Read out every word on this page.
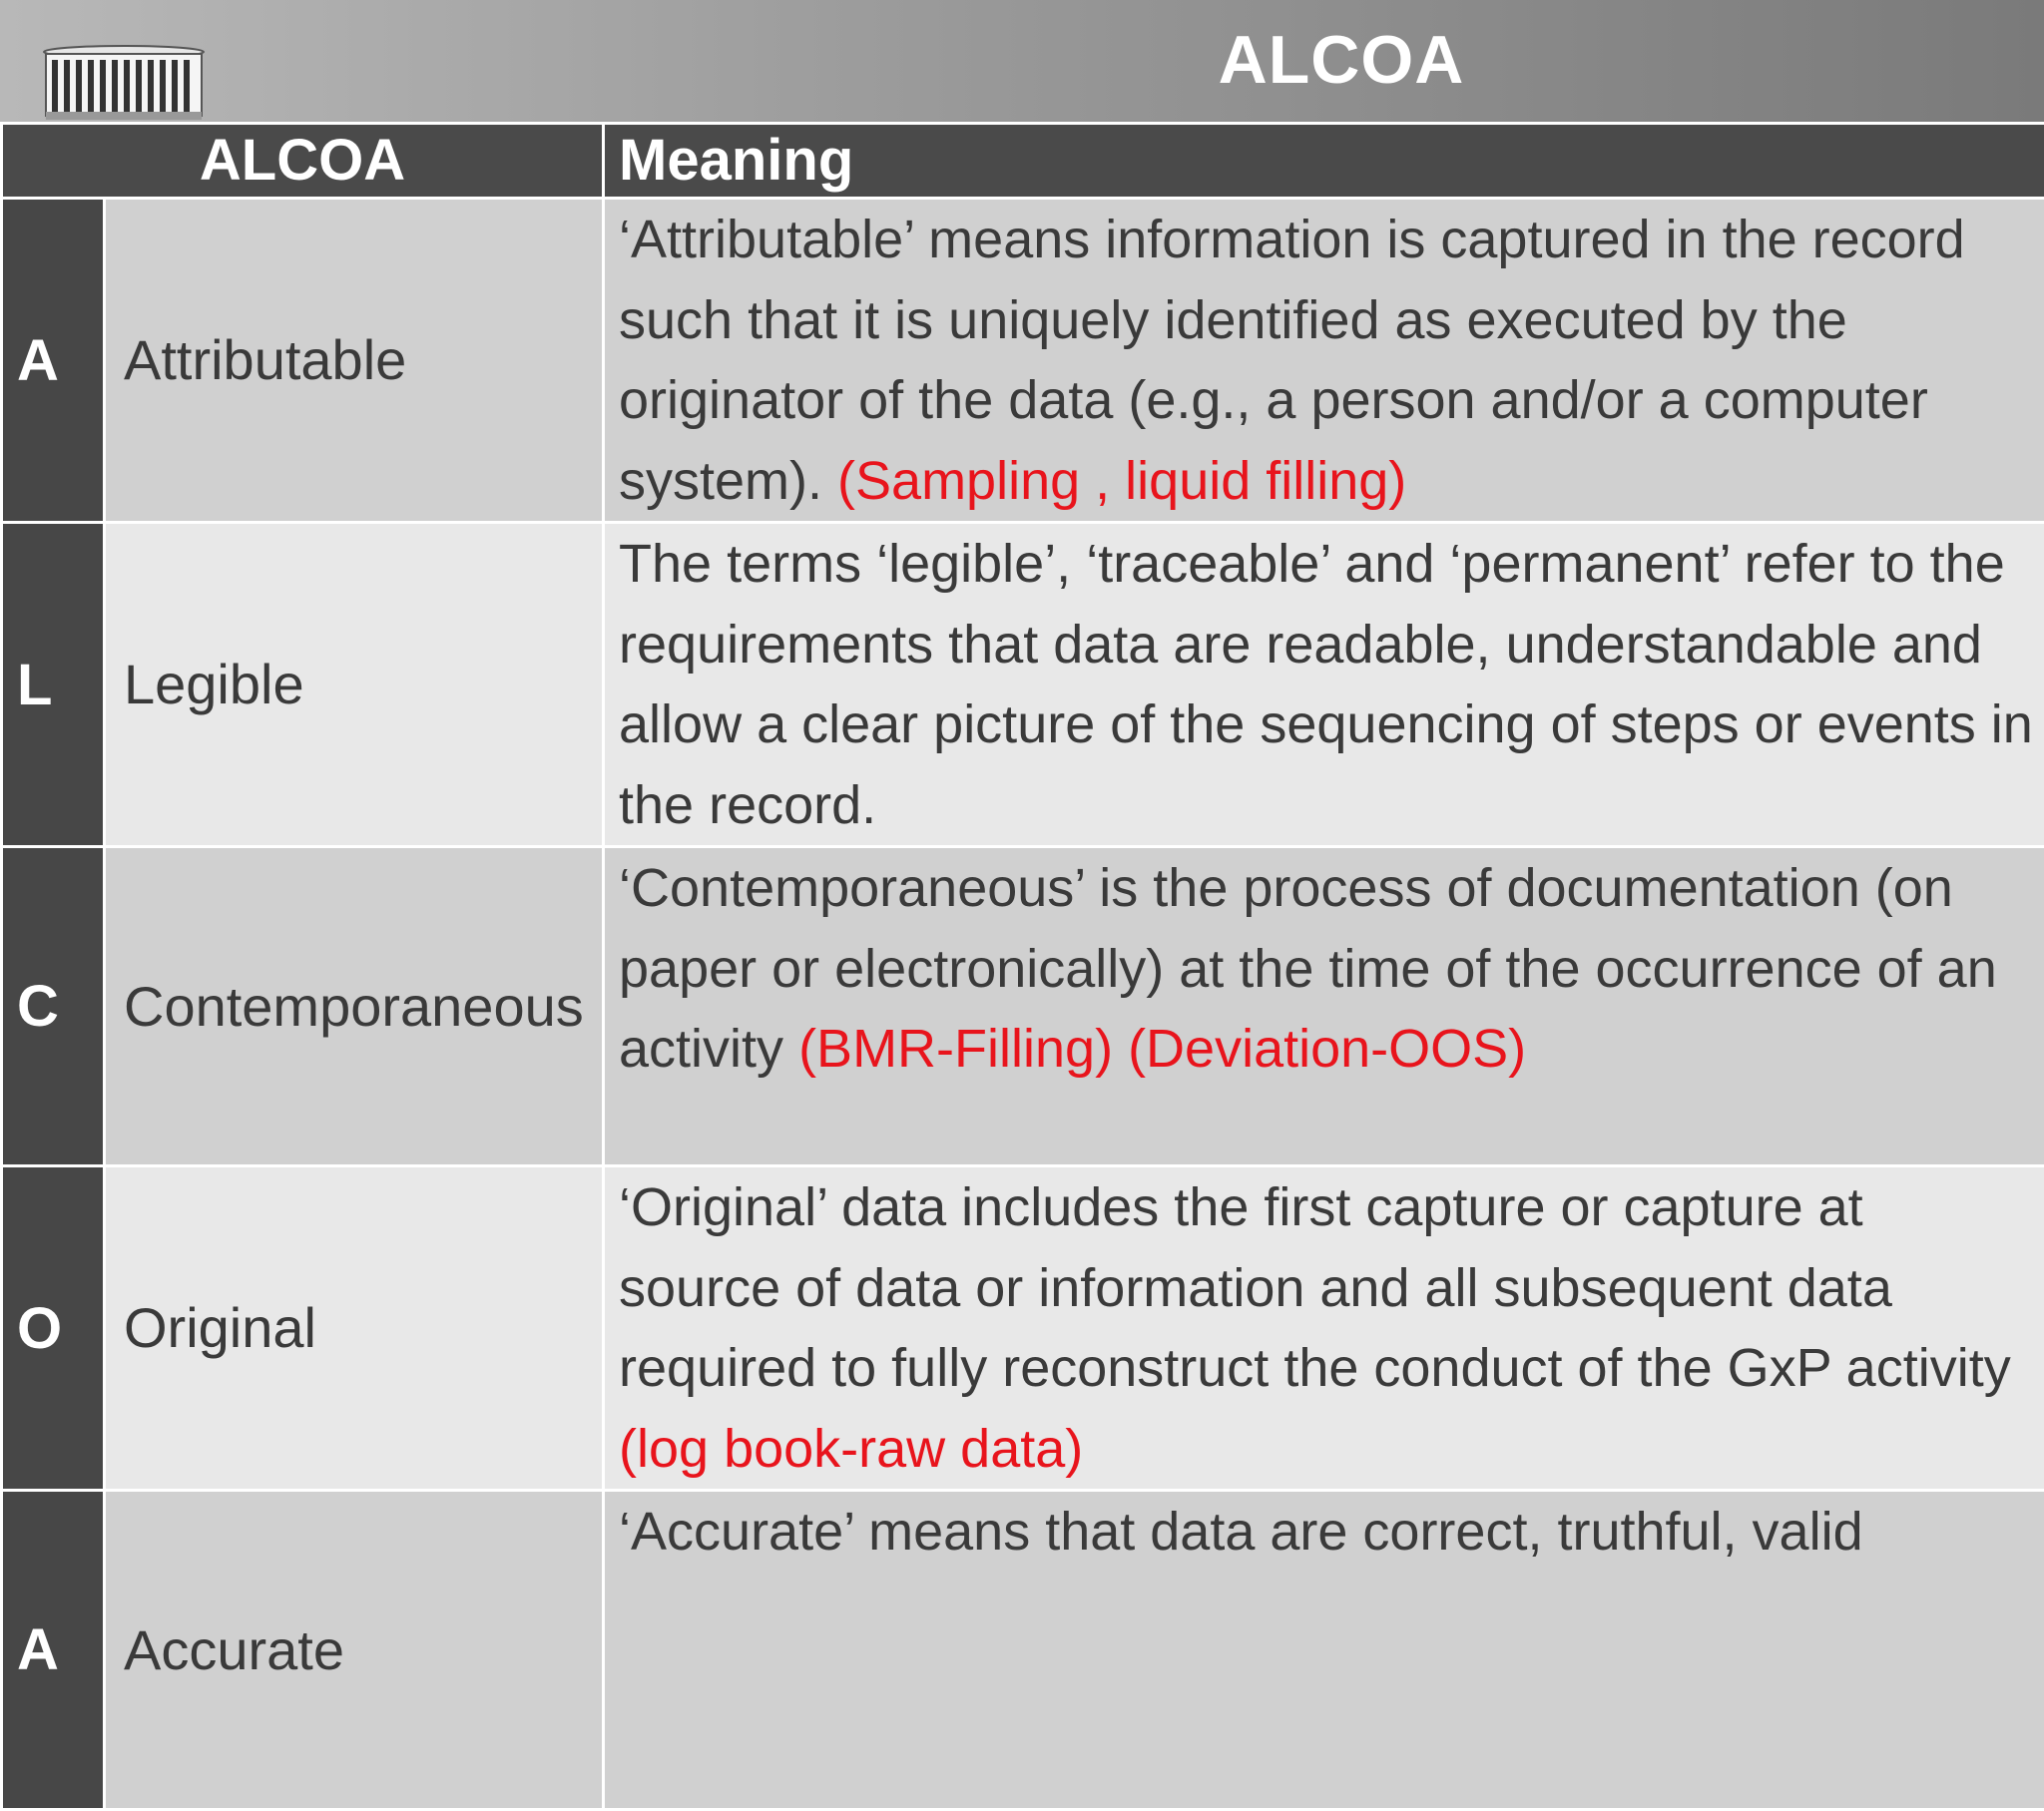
ALCOA
ALCOA		Meaning
A	Attributable	‘Attributable’ means information is captured in the record such that it is uniquely identified as executed by the originator of the data (e.g., a person and/or a computer system). (Sampling , liquid filling)
L	Legible	The terms ‘legible’, ‘traceable’ and ‘permanent’ refer to the requirements that data are readable, understandable and allow a clear picture of the sequencing of steps or events in the record.
C	Contemporaneous	‘Contemporaneous’ is the process of documentation (on paper or electronically) at the time of the occurrence of an activity (BMR-Filling) (Deviation-OOS)
O	Original	‘Original’ data includes the first capture or capture at source of data or information and all subsequent data required to fully reconstruct the conduct of the GxP activity (log book-raw data)
A	Accurate	‘Accurate’ means that data are correct, truthful, valid
